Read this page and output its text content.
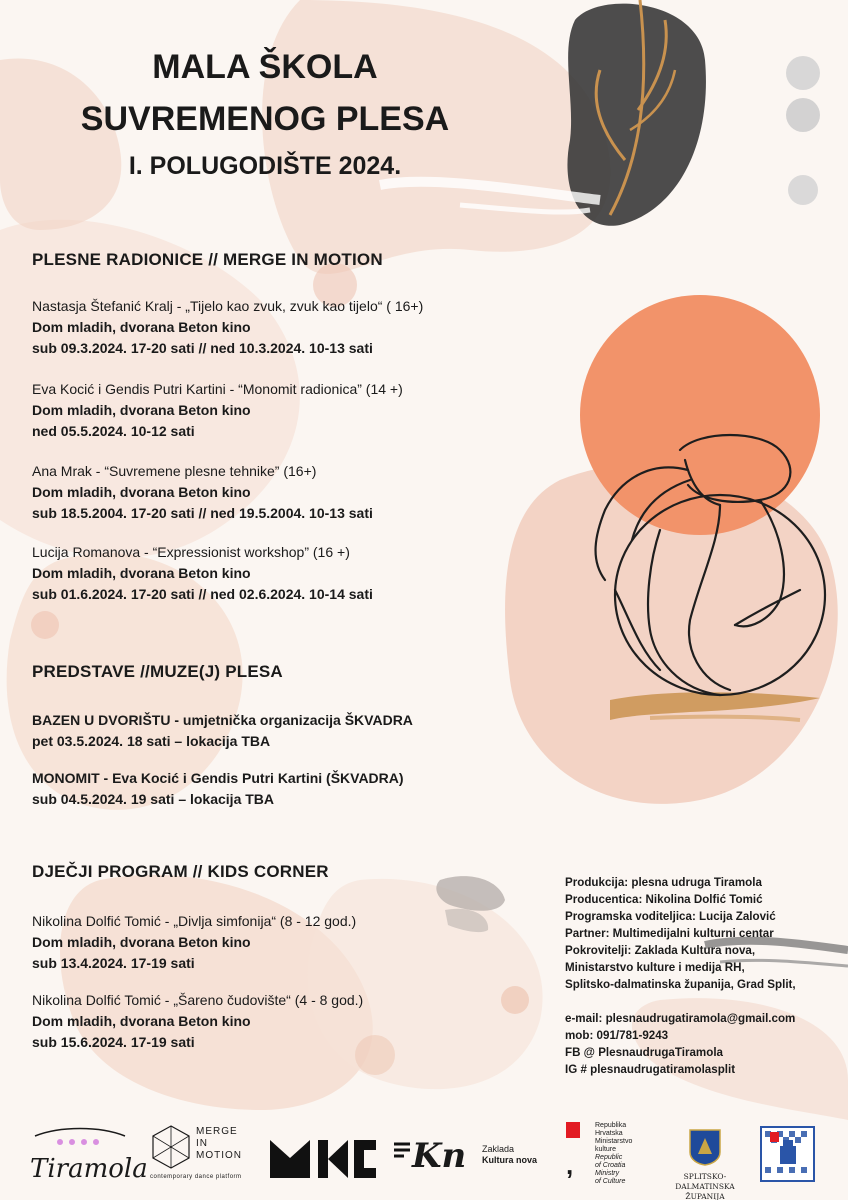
MALA ŠKOLA
SUVREMENOG PLESA
I. POLUGODIŠTE 2024.
PLESNE RADIONICE // MERGE IN MOTION
Nastasja Štefanić Kralj - „Tijelo kao zvuk, zvuk kao tijelo“ ( 16+)
Dom mladih, dvorana Beton kino
sub 09.3.2024. 17-20 sati // ned 10.3.2024. 10-13 sati
Eva Kocić i Gendis Putri Kartini - “Monomit radionica” (14 +)
Dom mladih, dvorana Beton kino
ned 05.5.2024. 10-12 sati
Ana Mrak - “Suvremene plesne tehnike” (16+)
Dom mladih, dvorana Beton kino
sub 18.5.2004. 17-20 sati // ned 19.5.2004. 10-13 sati
Lucija Romanova - “Expressionist workshop” (16 +)
Dom mladih, dvorana Beton kino
sub 01.6.2024. 17-20 sati // ned 02.6.2024. 10-14 sati
PREDSTAVE //MUZE(J) PLESA
BAZEN U DVORIŠTU - umjetnička organizacija ŠKVADRA
pet 03.5.2024. 18 sati – lokacija TBA
MONOMIT - Eva Kocić i Gendis Putri Kartini (ŠKVADRA)
sub 04.5.2024. 19 sati – lokacija TBA
DJEČJI PROGRAM // KIDS CORNER
Nikolina Dolfić Tomić - „Divlja simfonija“ (8 - 12 god.)
Dom mladih, dvorana Beton kino
sub 13.4.2024. 17-19 sati
Nikolina Dolfić Tomić - „Šareno čudovište“ (4 - 8 god.)
Dom mladih, dvorana Beton kino
sub 15.6.2024. 17-19 sati
Produkcija: plesna udruga Tiramola
Producentica: Nikolina Dolfić Tomić
Programska voditeljica: Lucija Zalović
Partner: Multimedijalni kulturni centar
Pokrovitelji: Zaklada Kultura nova,
Ministarstvo kulture i medija RH,
Splitsko-dalmatinska županija, Grad Split,
e-mail: plesnaudrugatiramola@gmail.com
mob: 091/781-9243
FB @ PlesnaudrugaTiramola
IG # plesnaudrugatiramolasplit
Tiramola
MERGE
IN
MOTION
contemporary dance platform
Kn Zaklada
Kultura nova ,
Republika
Hrvatska
Ministarstvo
kulture
Republic
of Croatia
Ministry
of Culture
SPLITSKO-DALMATINSKA
ŽUPANIJA
